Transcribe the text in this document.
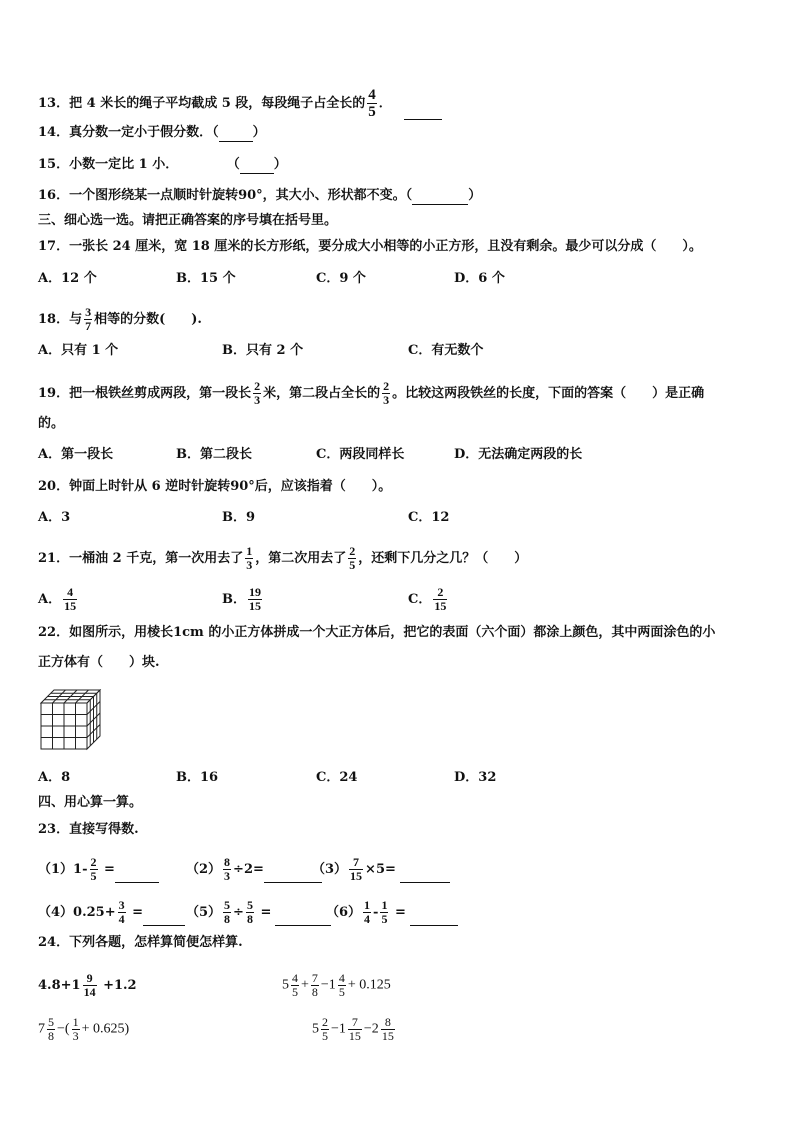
13．把 4 米长的绳子平均截成 5 段，每段绳子占全长的 $\frac{4}{5}$ ．
14．真分数一定小于假分数．（	）
15．小数一定比 1 小．	（	）
16．一个图形绕某一点顺时针旋转90°，其大小、形状都不变。（	）
三、细心选一选。请把正确答案的序号填在括号里。
17．一张长 24 厘米，宽 18 厘米的长方形纸，要分成大小相等的小正方形，且没有剩余。最少可以分成（　　）。
A．12 个	B．15 个	C．9 个	D．6 个
18．与 $\frac{3}{7}$ 相等的分数(　　).
A．只有 1 个	B．只有 2 个	C．有无数个
19．把一根铁丝剪成两段，第一段长 $\frac{2}{3}$ 米，第二段占全长的 $\frac{2}{3}$ 。比较这两段铁丝的长度，下面的答案（　　）是正确
的。
A．第一段长	B．第二段长	C．两段同样长	D．无法确定两段的长
20．钟面上时针从 6 逆时针旋转90°后，应该指着（　　）。
A．3	B．9	C．12
21．一桶油 2 千克，第一次用去了 $\frac{1}{3}$ ，第二次用去了 $\frac{2}{5}$ ，还剩下几分之几？（　　）
A． $\frac{4}{15}$	B． $\frac{19}{15}$	C． $\frac{2}{15}$
22．如图所示，用棱长1cm 的小正方体拼成一个大正方体后，把它的表面（六个面）都涂上颜色，其中两面涂色的小
正方体有（　　）块.
A．8	B．16	C．24	D．32
四、用心算一算。
23．直接写得数.
$(1)1- \frac{2}{5}$ =	$(2) \frac{8}{3} \div 2=$	$(3) \frac{7}{15} \times 5=$
$(4)0.25+ \frac{3}{4}$ =	$(5) \frac{5}{8} \div \frac{5}{8}$ =	$(6) \frac{1}{4} - \frac{1}{5}$ =
24．下列各题，怎样算简便怎样算.
$4.8+1 \frac{9}{14} +1.2$	$5 \frac{4}{5} + \frac{7}{8} -1 \frac{4}{5} + 0.125$
$7 \frac{5}{8}$ −( $\frac{1}{3} + 0.625$)	$5 \frac{2}{5} -1 \frac{7}{15} -2 \frac{8}{15}$
